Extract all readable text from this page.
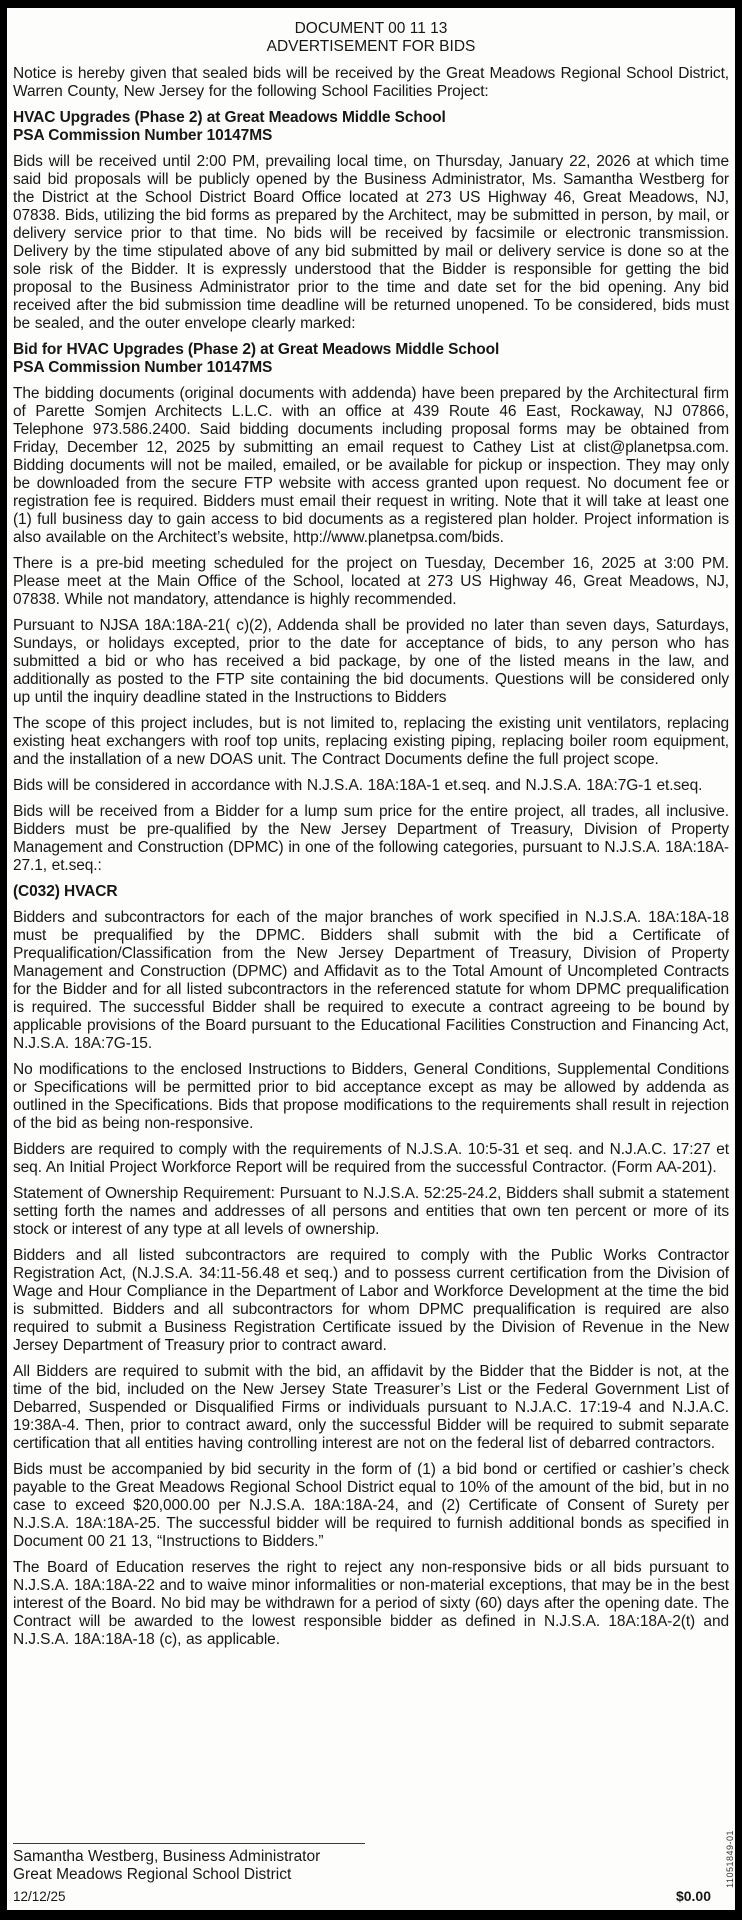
DOCUMENT 00 11 13
ADVERTISEMENT FOR BIDS

Notice is hereby given that sealed bids will be received by the Great Meadows Regional School District, Warren County, New Jersey for the following School Facilities Project:

HVAC Upgrades (Phase 2) at Great Meadows Middle School
PSA Commission Number 10147MS

Bids will be received until 2:00 PM, prevailing local time, on Thursday, January 22, 2026 at which time said bid proposals will be publicly opened by the Business Administrator, Ms. Samantha Westberg for the District at the School District Board Office located at 273 US Highway 46, Great Meadows, NJ, 07838. Bids, utilizing the bid forms as prepared by the Architect, may be submitted in person, by mail, or delivery service prior to that time. No bids will be received by facsimile or electronic transmission. Delivery by the time stipulated above of any bid submitted by mail or delivery service is done so at the sole risk of the Bidder. It is expressly understood that the Bidder is responsible for getting the bid proposal to the Business Administrator prior to the time and date set for the bid opening. Any bid received after the bid submission time deadline will be returned unopened. To be considered, bids must be sealed, and the outer envelope clearly marked:

Bid for HVAC Upgrades (Phase 2) at Great Meadows Middle School
PSA Commission Number 10147MS

The bidding documents (original documents with addenda) have been prepared by the Architectural firm of Parette Somjen Architects L.L.C. with an office at 439 Route 46 East, Rockaway, NJ 07866, Telephone 973.586.2400. Said bidding documents including proposal forms may be obtained from Friday, December 12, 2025 by submitting an email request to Cathey List at clist@planetpsa.com. Bidding documents will not be mailed, emailed, or be available for pickup or inspection. They may only be downloaded from the secure FTP website with access granted upon request. No document fee or registration fee is required. Bidders must email their request in writing. Note that it will take at least one (1) full business day to gain access to bid documents as a registered plan holder. Project information is also available on the Architect’s website, http://www.planetpsa.com/bids.

There is a pre-bid meeting scheduled for the project on Tuesday, December 16, 2025 at 3:00 PM. Please meet at the Main Office of the School, located at 273 US Highway 46, Great Meadows, NJ, 07838. While not mandatory, attendance is highly recommended.

Pursuant to NJSA 18A:18A-21( c)(2), Addenda shall be provided no later than seven days, Saturdays, Sundays, or holidays excepted, prior to the date for acceptance of bids, to any person who has submitted a bid or who has received a bid package, by one of the listed means in the law, and additionally as posted to the FTP site containing the bid documents. Questions will be considered only up until the inquiry deadline stated in the Instructions to Bidders

The scope of this project includes, but is not limited to, replacing the existing unit ventilators, replacing existing heat exchangers with roof top units, replacing existing piping, replacing boiler room equipment, and the installation of a new DOAS unit. The Contract Documents define the full project scope.

Bids will be considered in accordance with N.J.S.A. 18A:18A-1 et.seq. and N.J.S.A. 18A:7G-1 et.seq.

Bids will be received from a Bidder for a lump sum price for the entire project, all trades, all inclusive. Bidders must be pre-qualified by the New Jersey Department of Treasury, Division of Property Management and Construction (DPMC) in one of the following categories, pursuant to N.J.S.A. 18A:18A-27.1, et.seq.:

(C032) HVACR

Bidders and subcontractors for each of the major branches of work specified in N.J.S.A. 18A:18A-18 must be prequalified by the DPMC. Bidders shall submit with the bid a Certificate of Prequalification/Classification from the New Jersey Department of Treasury, Division of Property Management and Construction (DPMC) and Affidavit as to the Total Amount of Uncompleted Contracts for the Bidder and for all listed subcontractors in the referenced statute for whom DPMC prequalification is required. The successful Bidder shall be required to execute a contract agreeing to be bound by applicable provisions of the Board pursuant to the Educational Facilities Construction and Financing Act, N.J.S.A. 18A:7G-15.

No modifications to the enclosed Instructions to Bidders, General Conditions, Supplemental Conditions or Specifications will be permitted prior to bid acceptance except as may be allowed by addenda as outlined in the Specifications. Bids that propose modifications to the requirements shall result in rejection of the bid as being non-responsive.

Bidders are required to comply with the requirements of N.J.S.A. 10:5-31 et seq. and N.J.A.C. 17:27 et seq. An Initial Project Workforce Report will be required from the successful Contractor. (Form AA-201).

Statement of Ownership Requirement: Pursuant to N.J.S.A. 52:25-24.2, Bidders shall submit a statement setting forth the names and addresses of all persons and entities that own ten percent or more of its stock or interest of any type at all levels of ownership.

Bidders and all listed subcontractors are required to comply with the Public Works Contractor Registration Act, (N.J.S.A. 34:11-56.48 et seq.) and to possess current certification from the Division of Wage and Hour Compliance in the Department of Labor and Workforce Development at the time the bid is submitted. Bidders and all subcontractors for whom DPMC prequalification is required are also required to submit a Business Registration Certificate issued by the Division of Revenue in the New Jersey Department of Treasury prior to contract award.

All Bidders are required to submit with the bid, an affidavit by the Bidder that the Bidder is not, at the time of the bid, included on the New Jersey State Treasurer’s List or the Federal Government List of Debarred, Suspended or Disqualified Firms or individuals pursuant to N.J.A.C. 17:19-4 and N.J.A.C. 19:38A-4. Then, prior to contract award, only the successful Bidder will be required to submit separate certification that all entities having controlling interest are not on the federal list of debarred contractors.

Bids must be accompanied by bid security in the form of (1) a bid bond or certified or cashier’s check payable to the Great Meadows Regional School District equal to 10% of the amount of the bid, but in no case to exceed $20,000.00 per N.J.S.A. 18A:18A-24, and (2) Certificate of Consent of Surety per N.J.S.A. 18A:18A-25. The successful bidder will be required to furnish additional bonds as specified in Document 00 21 13, “Instructions to Bidders.”

The Board of Education reserves the right to reject any non-responsive bids or all bids pursuant to N.J.S.A. 18A:18A-22 and to waive minor informalities or non-material exceptions, that may be in the best interest of the Board. No bid may be withdrawn for a period of sixty (60) days after the opening date. The Contract will be awarded to the lowest responsible bidder as defined in N.J.S.A. 18A:18A-2(t) and N.J.S.A. 18A:18A-18 (c), as applicable.

Samantha Westberg, Business Administrator
Great Meadows Regional School District
12/12/25	$0.00
11051849-01
